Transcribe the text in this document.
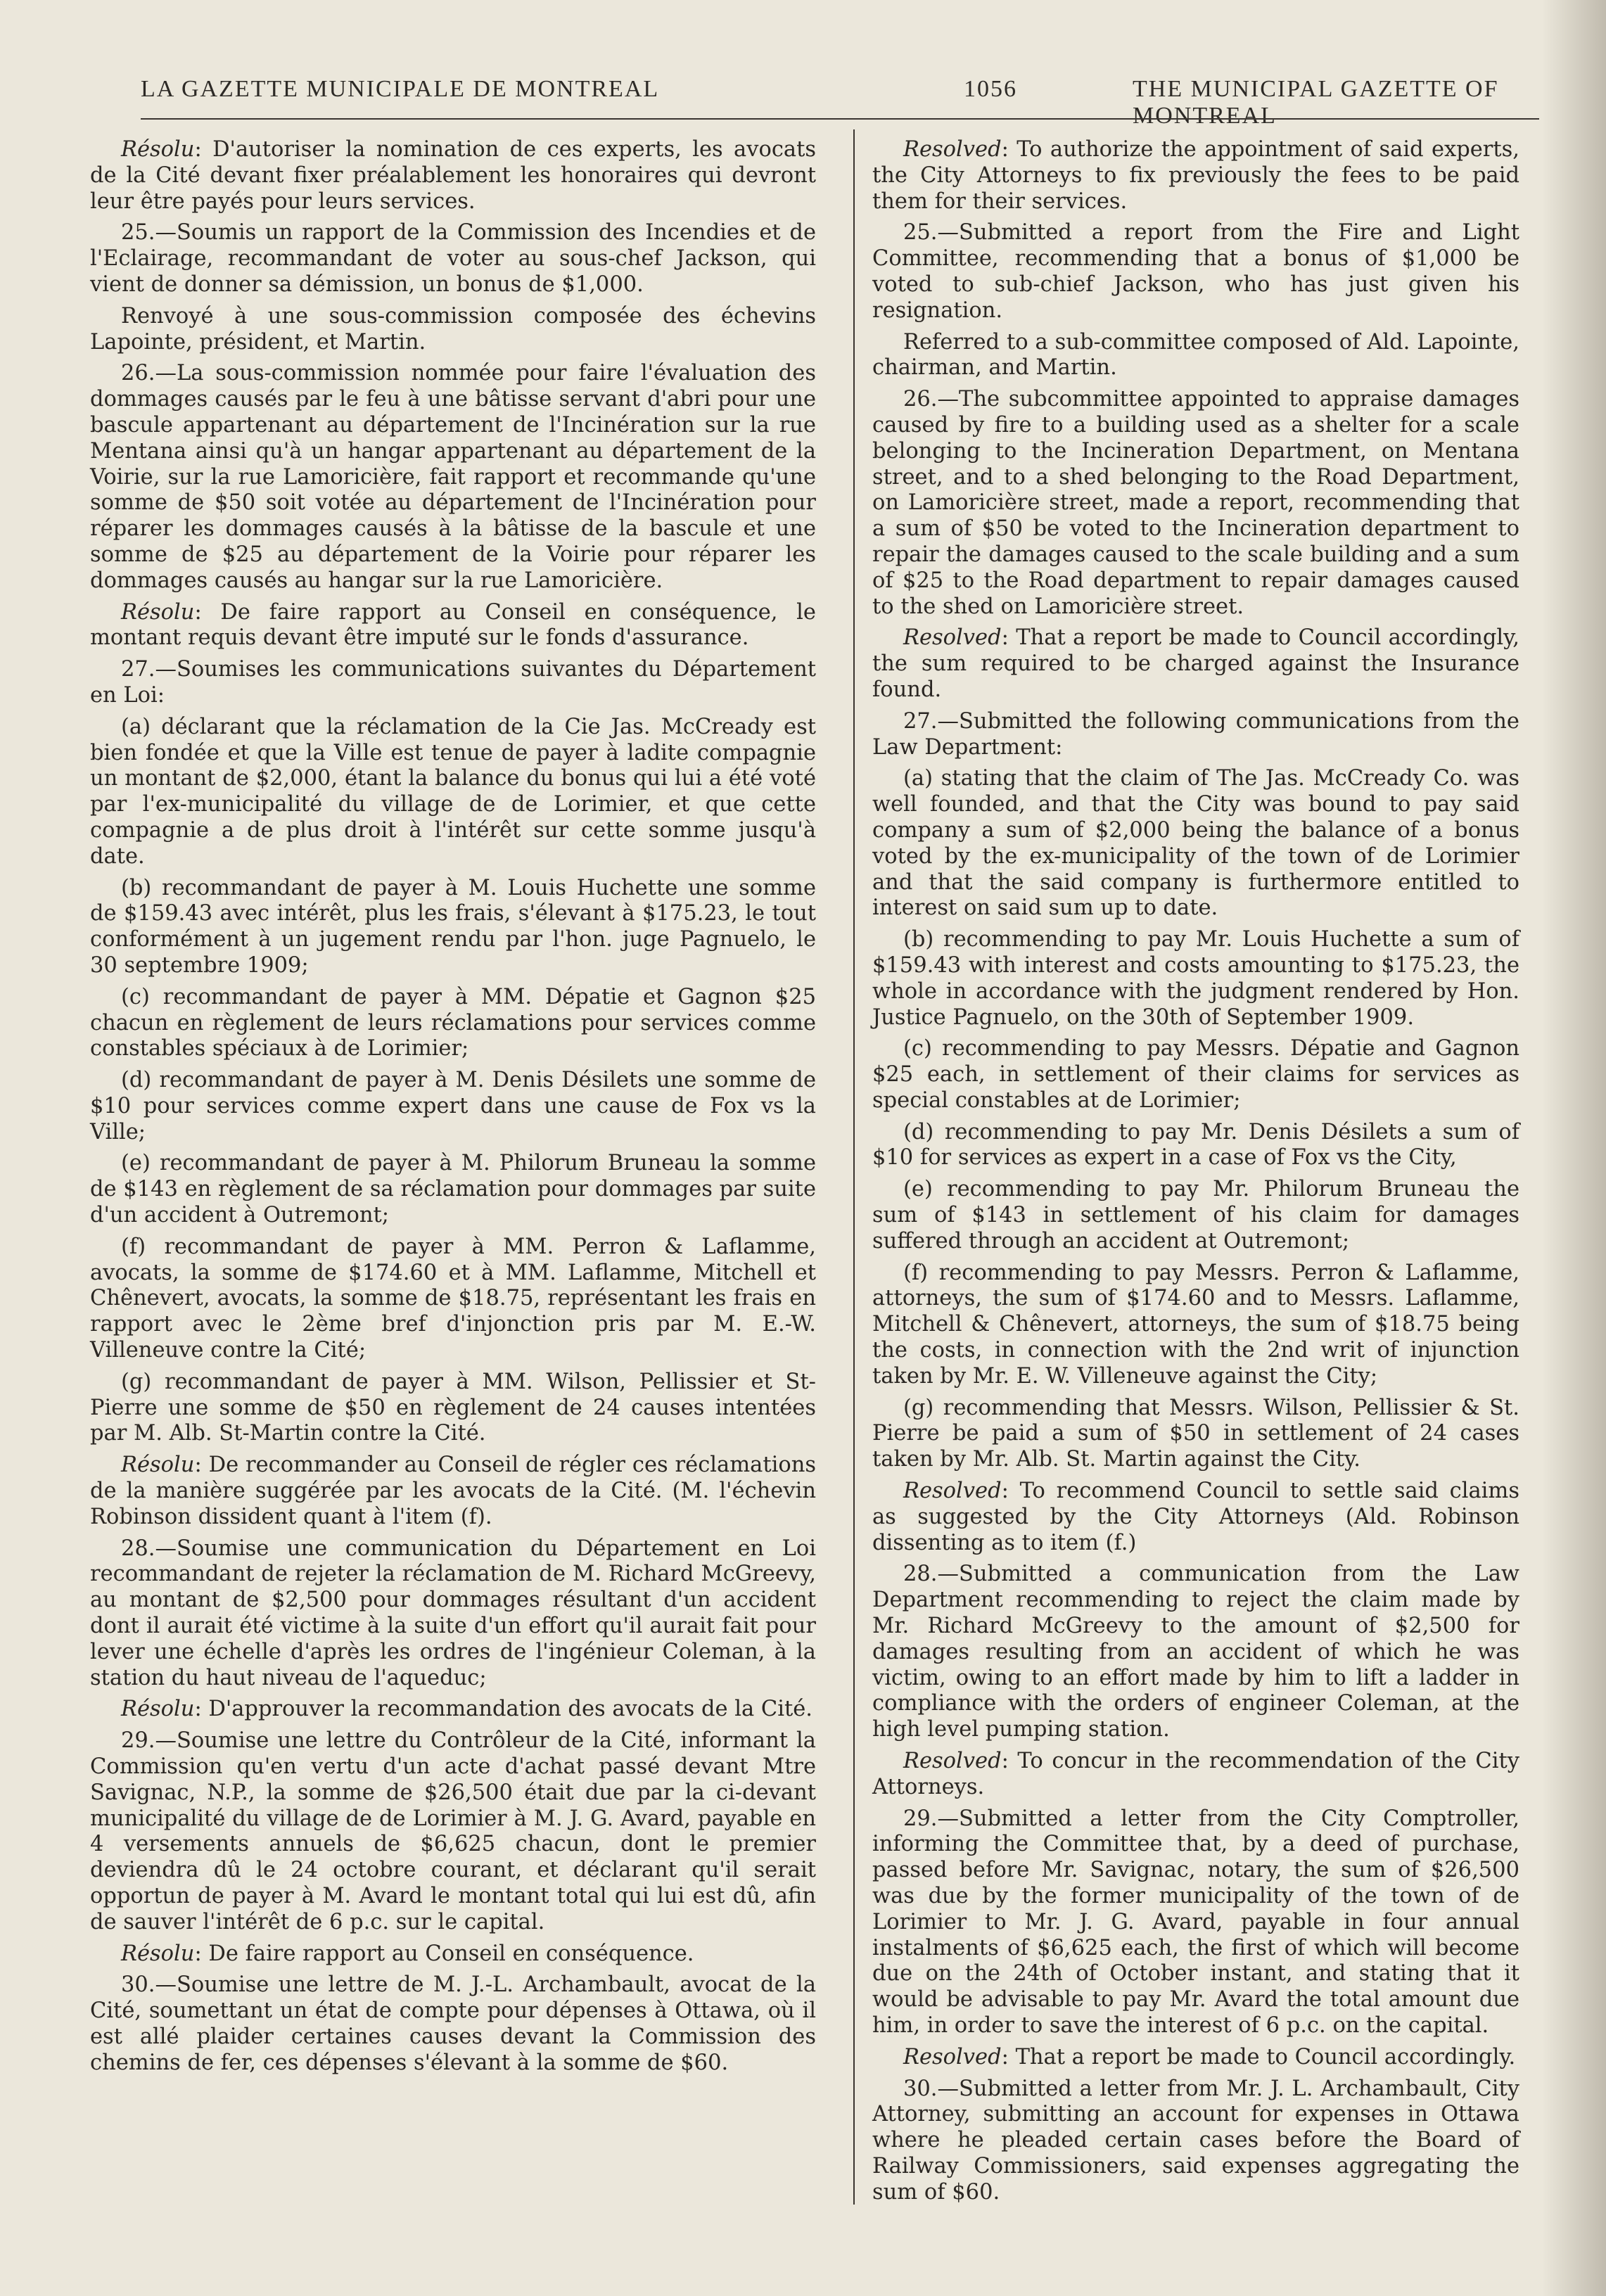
LA GAZETTE MUNICIPALE DE MONTREAL	1056	THE MUNICIPAL GAZETTE OF MONTREAL

Résolu: D'autoriser la nomination de ces experts, les avocats de la Cité devant fixer préalablement les honoraires qui devront leur être payés pour leurs services.

25.—Soumis un rapport de la Commission des Incendies et de l'Eclairage, recommandant de voter au sous-chef Jackson, qui vient de donner sa démission, un bonus de $1,000.

Renvoyé à une sous-commission composée des échevins Lapointe, président, et Martin.

26.—La sous-commission nommée pour faire l'évaluation des dommages causés par le feu à une bâtisse servant d'abri pour une bascule appartenant au département de l'Incinération sur la rue Mentana ainsi qu'à un hangar appartenant au département de la Voirie, sur la rue Lamoricière, fait rapport et recommande qu'une somme de $50 soit votée au département de l'Incinération pour réparer les dommages causés à la bâtisse de la bascule et une somme de $25 au département de la Voirie pour réparer les dommages causés au hangar sur la rue Lamoricière.

Résolu: De faire rapport au Conseil en conséquence, le montant requis devant être imputé sur le fonds d'assurance.

27.—Soumises les communications suivantes du Département en Loi:

(a) déclarant que la réclamation de la Cie Jas. McCready est bien fondée et que la Ville est tenue de payer à ladite compagnie un montant de $2,000, étant la balance du bonus qui lui a été voté par l'ex-municipalité du village de de Lorimier, et que cette compagnie a de plus droit à l'intérêt sur cette somme jusqu'à date.

(b) recommandant de payer à M. Louis Huchette une somme de $159.43 avec intérêt, plus les frais, s'élevant à $175.23, le tout conformément à un jugement rendu par l'hon. juge Pagnuelo, le 30 septembre 1909;

(c) recommandant de payer à MM. Dépatie et Gagnon $25 chacun en règlement de leurs réclamations pour services comme constables spéciaux à de Lorimier;

(d) recommandant de payer à M. Denis Désilets une somme de $10 pour services comme expert dans une cause de Fox vs la Ville;

(e) recommandant de payer à M. Philorum Bruneau la somme de $143 en règlement de sa réclamation pour dommages par suite d'un accident à Outremont;

(f) recommandant de payer à MM. Perron & Laflamme, avocats, la somme de $174.60 et à MM. Laflamme, Mitchell et Chênevert, avocats, la somme de $18.75, représentant les frais en rapport avec le 2ème bref d'injonction pris par M. E.-W. Villeneuve contre la Cité;

(g) recommandant de payer à MM. Wilson, Pellissier et St-Pierre une somme de $50 en règlement de 24 causes intentées par M. Alb. St-Martin contre la Cité.

Résolu: De recommander au Conseil de régler ces réclamations de la manière suggérée par les avocats de la Cité. (M. l'échevin Robinson dissident quant à l'item (f).

28.—Soumise une communication du Département en Loi recommandant de rejeter la réclamation de M. Richard McGreevy, au montant de $2,500 pour dommages résultant d'un accident dont il aurait été victime à la suite d'un effort qu'il aurait fait pour lever une échelle d'après les ordres de l'ingénieur Coleman, à la station du haut niveau de l'aqueduc;

Résolu: D'approuver la recommandation des avocats de la Cité.

29.—Soumise une lettre du Contrôleur de la Cité, informant la Commission qu'en vertu d'un acte d'achat passé devant Mtre Savignac, N.P., la somme de $26,500 était due par la ci-devant municipalité du village de de Lorimier à M. J. G. Avard, payable en 4 versements annuels de $6,625 chacun, dont le premier deviendra dû le 24 octobre courant, et déclarant qu'il serait opportun de payer à M. Avard le montant total qui lui est dû, afin de sauver l'intérêt de 6 p.c. sur le capital.

Résolu: De faire rapport au Conseil en conséquence.

30.—Soumise une lettre de M. J.-L. Archambault, avocat de la Cité, soumettant un état de compte pour dépenses à Ottawa, où il est allé plaider certaines causes devant la Commission des chemins de fer, ces dépenses s'élevant à la somme de $60.

Resolved: To authorize the appointment of said experts, the City Attorneys to fix previously the fees to be paid them for their services.

25.—Submitted a report from the Fire and Light Committee, recommending that a bonus of $1,000 be voted to sub-chief Jackson, who has just given his resignation.

Referred to a sub-committee composed of Ald. Lapointe, chairman, and Martin.

26.—The subcommittee appointed to appraise damages caused by fire to a building used as a shelter for a scale belonging to the Incineration Department, on Mentana street, and to a shed belonging to the Road Department, on Lamoricière street, made a report, recommending that a sum of $50 be voted to the Incineration department to repair the damages caused to the scale building and a sum of $25 to the Road department to repair damages caused to the shed on Lamoricière street.

Resolved: That a report be made to Council accordingly, the sum required to be charged against the Insurance found.

27.—Submitted the following communications from the Law Department:

(a) stating that the claim of The Jas. McCready Co. was well founded, and that the City was bound to pay said company a sum of $2,000 being the balance of a bonus voted by the ex-municipality of the town of de Lorimier and that the said company is furthermore entitled to interest on said sum up to date.

(b) recommending to pay Mr. Louis Huchette a sum of $159.43 with interest and costs amounting to $175.23, the whole in accordance with the judgment rendered by Hon. Justice Pagnuelo, on the 30th of September 1909.

(c) recommending to pay Messrs. Dépatie and Gagnon $25 each, in settlement of their claims for services as special constables at de Lorimier;

(d) recommending to pay Mr. Denis Désilets a sum of $10 for services as expert in a case of Fox vs the City,

(e) recommending to pay Mr. Philorum Bruneau the sum of $143 in settlement of his claim for damages suffered through an accident at Outremont;

(f) recommending to pay Messrs. Perron & Laflamme, attorneys, the sum of $174.60 and to Messrs. Laflamme, Mitchell & Chênevert, attorneys, the sum of $18.75 being the costs, in connection with the 2nd writ of injunction taken by Mr. E. W. Villeneuve against the City;

(g) recommending that Messrs. Wilson, Pellissier & St. Pierre be paid a sum of $50 in settlement of 24 cases taken by Mr. Alb. St. Martin against the City.

Resolved: To recommend Council to settle said claims as suggested by the City Attorneys (Ald. Robinson dissenting as to item (f.)

28.—Submitted a communication from the Law Department recommending to reject the claim made by Mr. Richard McGreevy to the amount of $2,500 for damages resulting from an accident of which he was victim, owing to an effort made by him to lift a ladder in compliance with the orders of engineer Coleman, at the high level pumping station.

Resolved: To concur in the recommendation of the City Attorneys.

29.—Submitted a letter from the City Comptroller, informing the Committee that, by a deed of purchase, passed before Mr. Savignac, notary, the sum of $26,500 was due by the former municipality of the town of de Lorimier to Mr. J. G. Avard, payable in four annual instalments of $6,625 each, the first of which will become due on the 24th of October instant, and stating that it would be advisable to pay Mr. Avard the total amount due him, in order to save the interest of 6 p.c. on the capital.

Resolved: That a report be made to Council accordingly.

30.—Submitted a letter from Mr. J. L. Archambault, City Attorney, submitting an account for expenses in Ottawa where he pleaded certain cases before the Board of Railway Commissioners, said expenses aggregating the sum of $60.
